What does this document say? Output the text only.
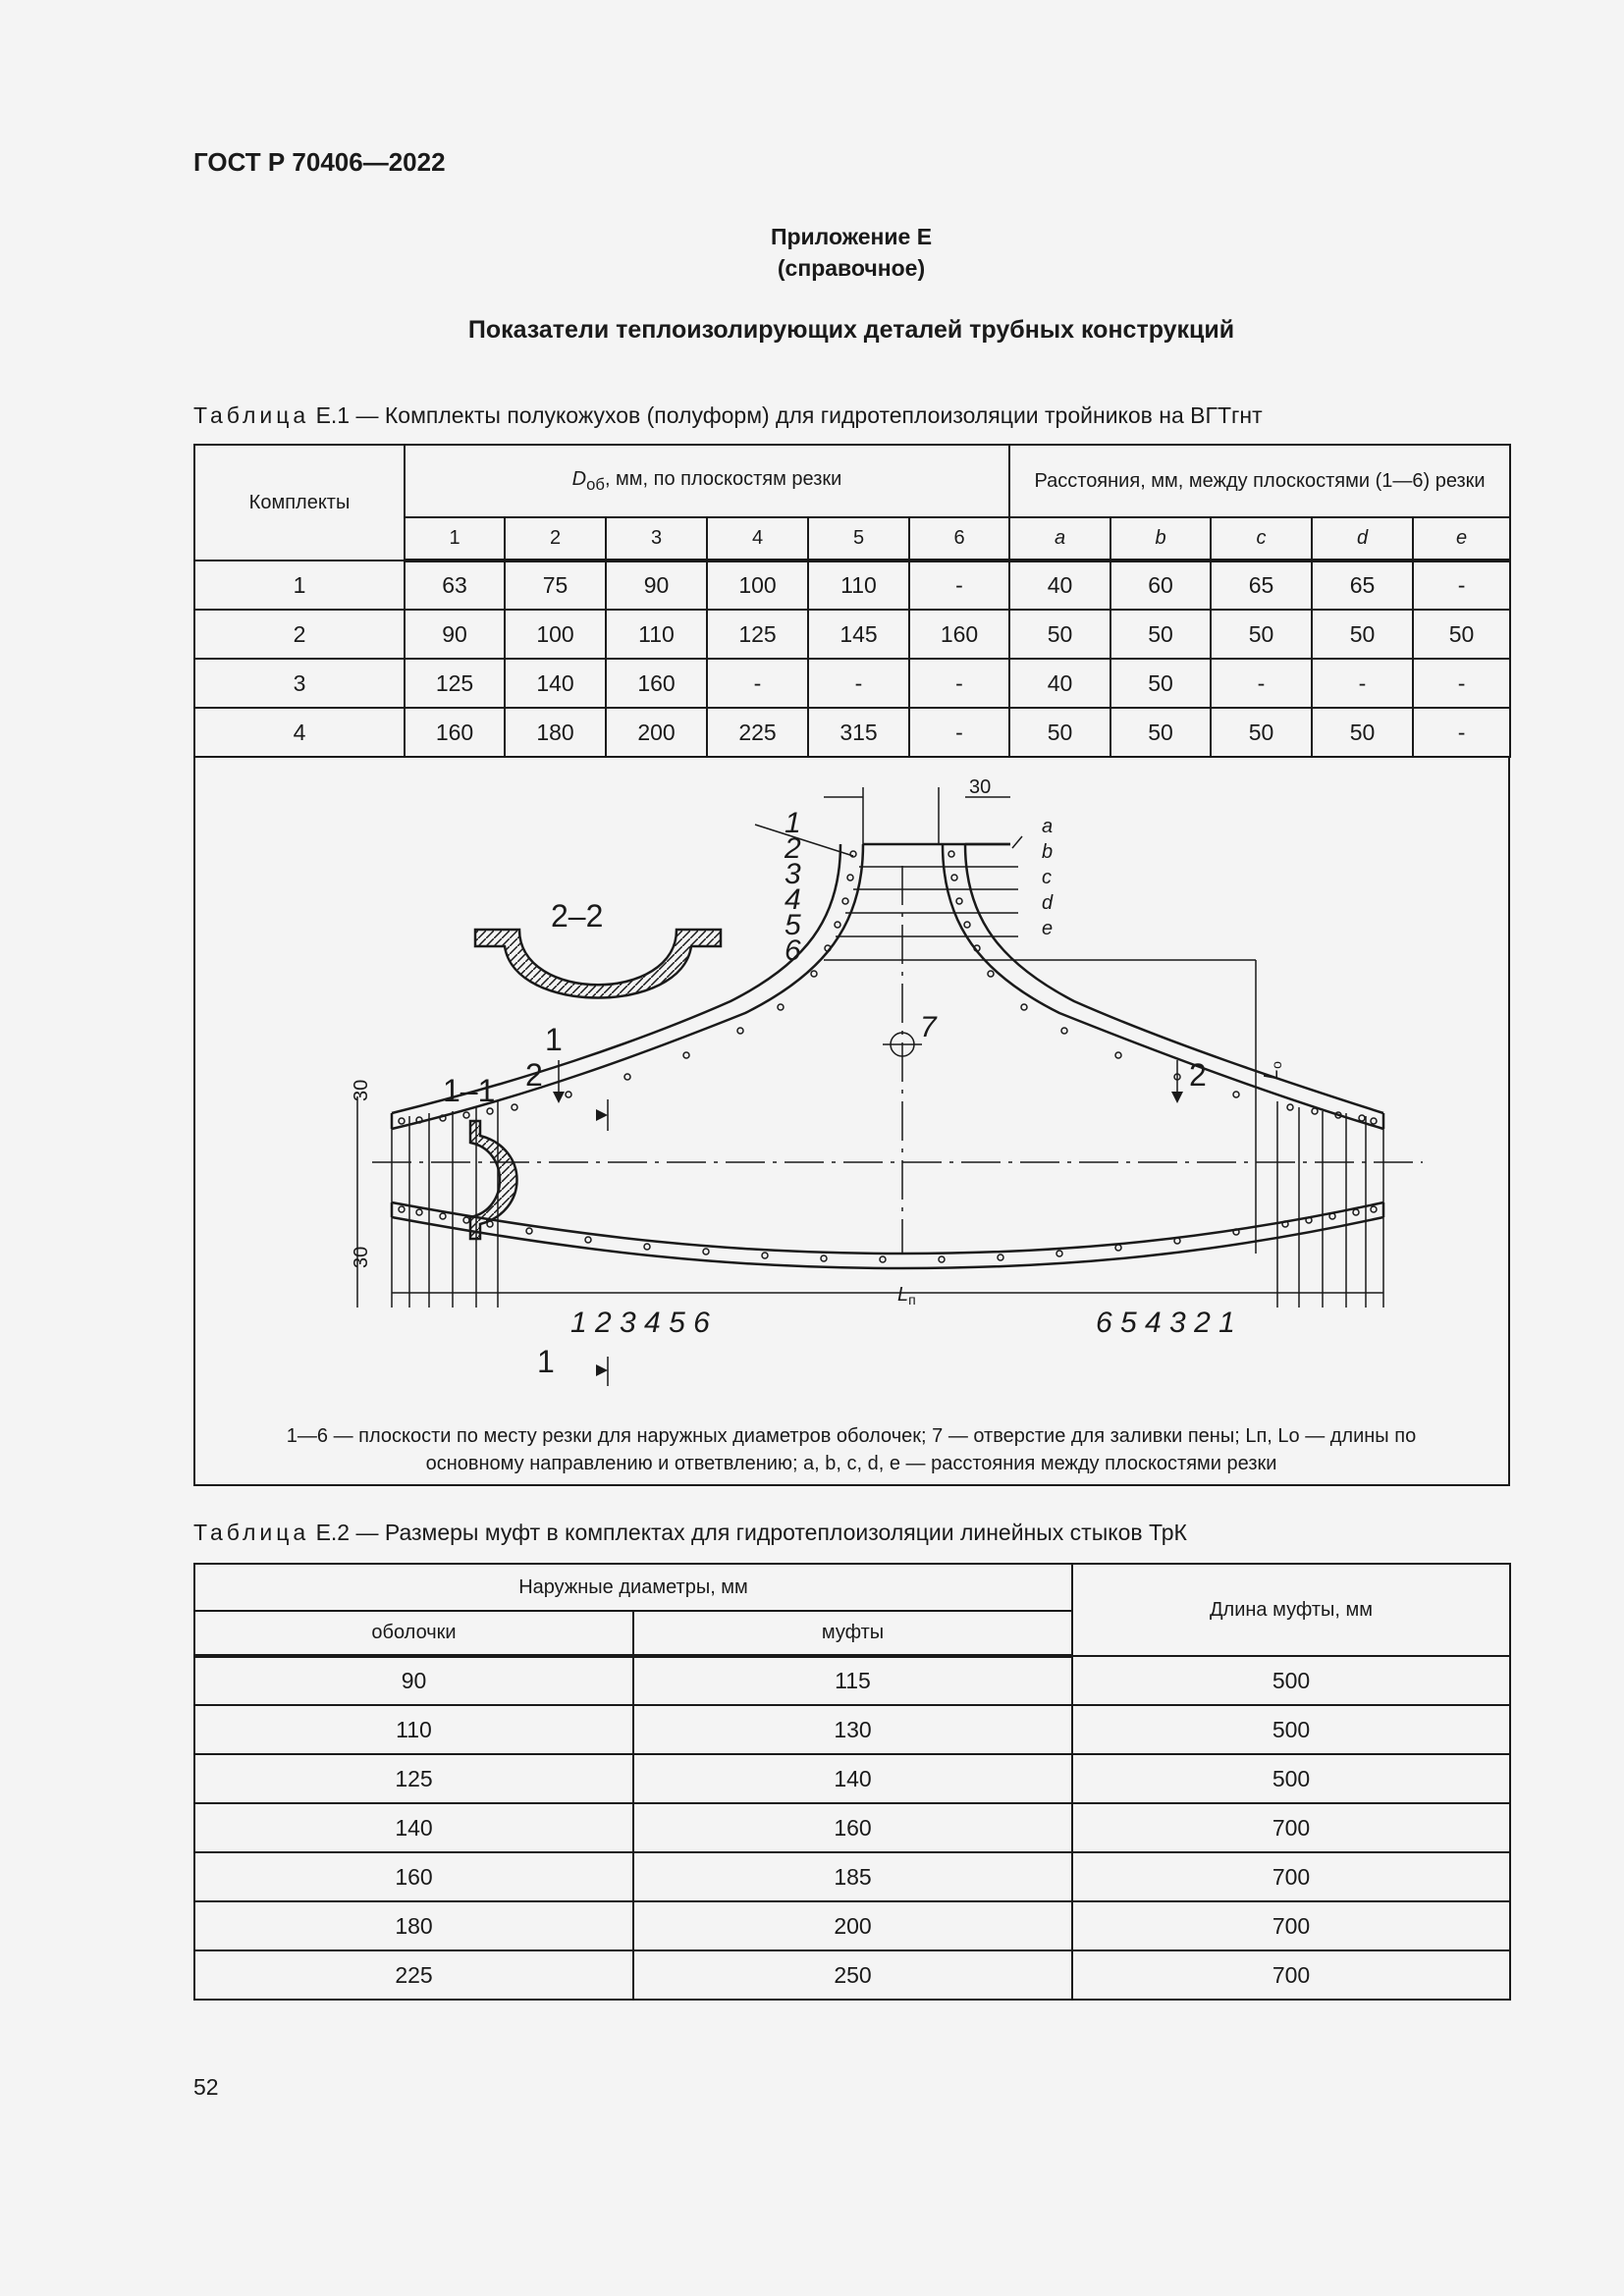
ГОСТ Р 70406—2022
Приложение Е
(справочное)
Показатели теплоизолирующих деталей трубных конструкций
Таблица Е.1 — Комплекты полукожухов (полуформ) для гидротеплоизоляции тройников на ВГТгнт
Комплекты	$D_{об}$, мм, по плоскостям резки						Расстояния, мм, между плоскостями (1—6) резки				
	1	2	3	4	5	6	a	b	c	d	e
1	63	75	90	100	110	-	40	60	65	65	-
2	90	100	110	125	145	160	50	50	50	50	50
3	125	140	160	-	-	-	40	50	-	-	-
4	160	180	200	225	315	-	50	50	50	50	-
30
a
b
c
d
e
1
2
3
4
5
6
7
2–2
1–1 2	2
1
1
1 2 3 4 5 6	6 5 4 3 2 1
$L_п$
$L_о$
30
30
1—6 — плоскости по месту резки для наружных диаметров оболочек; 7 — отверстие для заливки пены; Lп, Lо — длины по
основному направлению и ответвлению; a, b, c, d, e — расстояния между плоскостями резки
Таблица Е.2 — Размеры муфт в комплектах для гидротеплоизоляции линейных стыков ТрК
Наружные диаметры, мм		Длина муфты, мм
оболочки	муфты	
90	115	500
110	130	500
125	140	500
140	160	700
160	185	700
180	200	700
225	250	700
52
